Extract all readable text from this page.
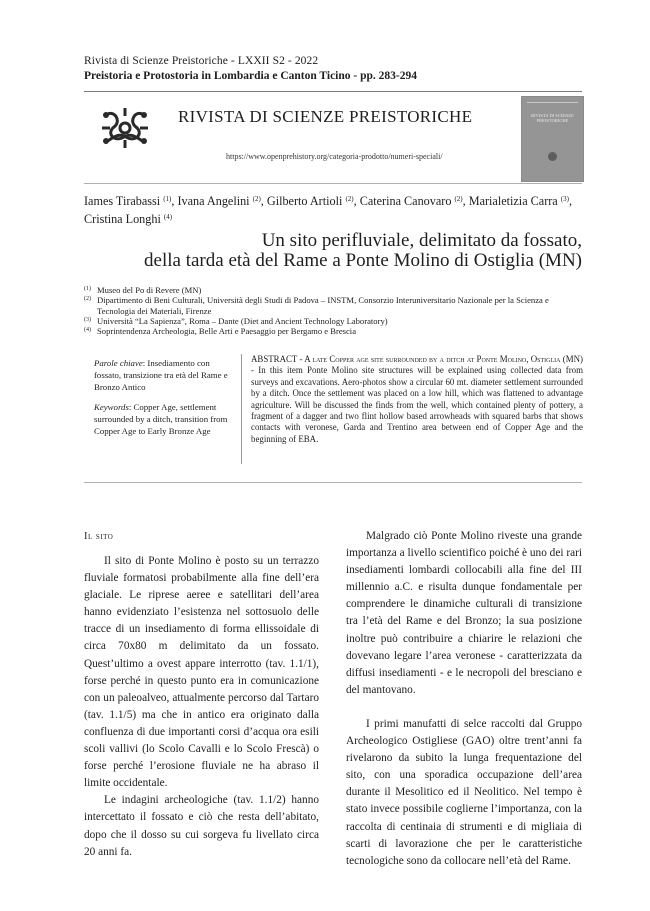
Rivista di Scienze Preistoriche - LXXII S2 - 2022
Preistoria e Protostoria in Lombardia e Canton Ticino - pp. 283-294
RIVISTA DI SCIENZE PREISTORICHE
https://www.openprehistory.org/categoria-prodotto/numeri-speciali/
RIVISTA DI SCIENZE PREISTORICHE
Iames Tirabassi $^{(1)}$, Ivana Angelini $^{(2)}$, Gilberto Artioli $^{(2)}$, Caterina Canovaro $^{(2)}$, Marialetizia Carra $^{(3)}$,
Cristina Longhi $^{(4)}$
Un sito perifluviale, delimitato da fossato,
della tarda età del Rame a Ponte Molino di Ostiglia (MN)
(1) Museo del Po di Revere (MN)
(2) Dipartimento di Beni Culturali, Università degli Studi di Padova – INSTM, Consorzio Interuniversitario Nazionale per la Scienza e Tecnologia dei Materiali, Firenze
(3) Università “La Sapienza”, Roma – Dante (Diet and Ancient Technology Laboratory)
(4) Soprintendenza Archeologia, Belle Arti e Paesaggio per Bergamo e Brescia

Parole chiave: Insediamento con fossato, transizione tra età del Rame e Bronzo Antico

Keywords: Copper Age, settlement surrounded by a ditch, transition from Copper Age to Early Bronze Age

ABSTRACT - A late Copper age site surrounded by a ditch at Ponte Molino, Ostiglia (MN) - In this item Ponte Molino site structures will be explained using collected data from surveys and excavations. Aero-photos show a circular 60 mt. diameter settlement surrounded by a ditch. Once the settlement was placed on a low hill, which was flattened to advantage agriculture. Will be discussed the finds from the well, which contained plenty of pottery, a fragment of a dagger and two flint hollow based arrowheads with squared barbs that shows contacts with veronese, Garda and Trentino area between end of Copper Age and the beginning of EBA.
Il sito

Il sito di Ponte Molino è posto su un terrazzo fluviale formatosi probabilmente alla fine dell’era glaciale. Le riprese aeree e satellitari dell’area hanno evidenziato l’esistenza nel sottosuolo delle tracce di un insediamento di forma ellissoidale di circa 70x80 m delimitato da un fossato. Quest’ultimo a ovest appare interrotto (tav. 1.1/1), forse perché in questo punto era in comunicazione con un paleoalveo, attualmente percorso dal Tartaro (tav. 1.1/5) ma che in antico era originato dalla confluenza di due importanti corsi d’acqua ora esili scoli vallivi (lo Scolo Cavalli e lo Scolo Frescà) o forse perché l’erosione fluviale ne ha abraso il limite occidentale.

Le indagini archeologiche (tav. 1.1/2) hanno intercettato il fossato e ciò che resta dell’abitato, dopo che il dosso su cui sorgeva fu livellato circa 20 anni fa.

Malgrado ciò Ponte Molino riveste una grande importanza a livello scientifico poiché è uno dei rari insediamenti lombardi collocabili alla fine del III millennio a.C. e risulta dunque fondamentale per comprendere le dinamiche culturali di transizione tra l’età del Rame e del Bronzo; la sua posizione inoltre può contribuire a chiarire le relazioni che dovevano legare l’area veronese - caratterizzata da diffusi insediamenti - e le necropoli del bresciano e del mantovano.

I primi manufatti di selce raccolti dal Gruppo Archeologico Ostigliese (GAO) oltre trent’anni fa rivelarono da subito la lunga frequentazione del sito, con una sporadica occupazione dell’area durante il Mesolitico ed il Neolitico. Nel tempo è stato invece possibile coglierne l’importanza, con la raccolta di centinaia di strumenti e di migliaia di scarti di lavorazione che per le caratteristiche tecnologiche sono da collocare nell’età del Rame.
